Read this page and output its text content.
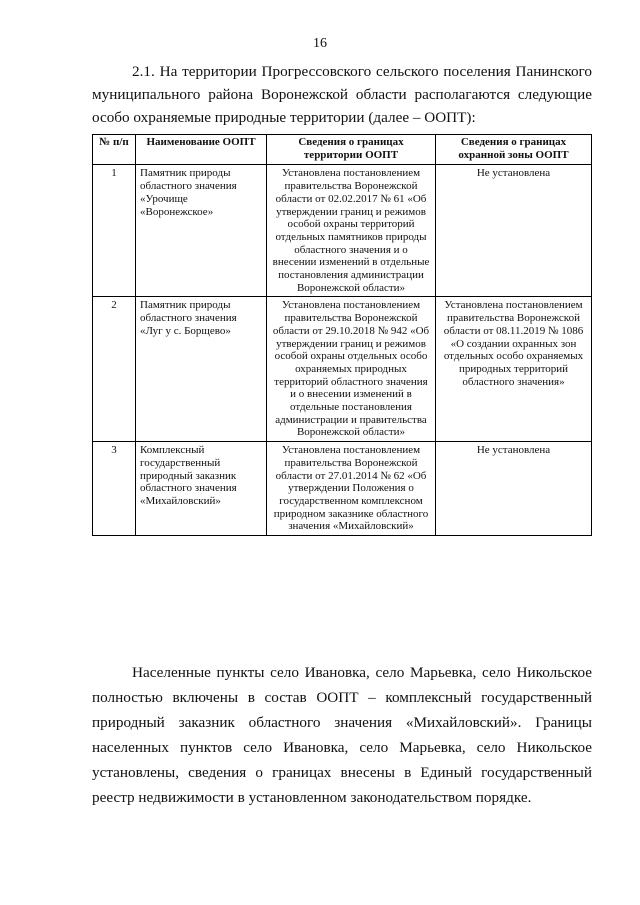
16

2.1. На территории Прогрессовского сельского поселения Панинского муниципального района Воронежской области располагаются следующие особо охраняемые природные территории (далее – ООПТ):

№ п/п	Наименование ООПТ	Сведения о границах территории ООПТ	Сведения о границах охранной зоны ООПТ
1	Памятник природы областного значения «Урочище «Воронежское»	Установлена постановлением правительства Воронежской области от 02.02.2017 № 61 «Об утверждении границ и режимов особой охраны территорий отдельных памятников природы областного значения и о внесении изменений в отдельные постановления администрации Воронежской области»	Не установлена
2	Памятник природы областного значения «Луг у с. Борщево»	Установлена постановлением правительства Воронежской области от 29.10.2018 № 942 «Об утверждении границ и режимов особой охраны отдельных особо охраняемых природных территорий областного значения и о внесении изменений в отдельные постановления администрации и правительства Воронежской области»	Установлена постановлением правительства Воронежской области от 08.11.2019 № 1086 «О создании охранных зон отдельных особо охраняемых природных территорий областного значения»
3	Комплексный государственный природный заказник областного значения «Михайловский»	Установлена постановлением правительства Воронежской области от 27.01.2014 № 62 «Об утверждении Положения о государственном комплексном природном заказнике областного значения «Михайловский»	Не установлена

Населенные пункты село Ивановка, село Марьевка, село Никольское полностью включены в состав ООПТ – комплексный государственный природный заказник областного значения «Михайловский». Границы населенных пунктов село Ивановка, село Марьевка, село Никольское установлены, сведения о границах внесены в Единый государственный реестр недвижимости в установленном законодательством порядке.
